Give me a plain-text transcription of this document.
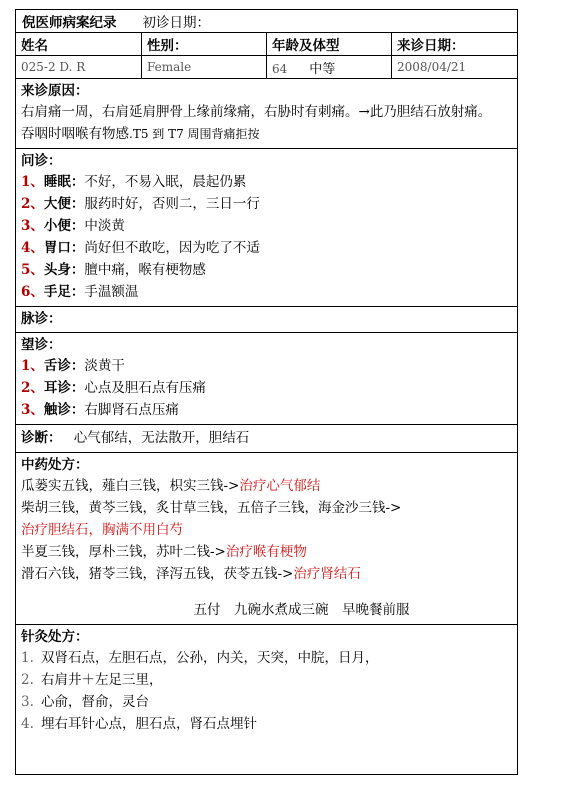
倪医师病案纪录 初诊日期：
姓名	性别：	年龄及体型	来诊日期：
025-2 D. R	Female	64 中等	2008/04/21
来诊原因：
右肩痛一周，右肩延肩胛骨上缘前缘痛，右胁时有刺痛。→此乃胆结石放射痛。
吞咽时咽喉有物感.T5 到 T7 周围背痛拒按
问诊：
1、睡眠：不好，不易入眠，晨起仍累
2、大便：服药时好，否则二，三日一行
3、小便：中淡黄
4、胃口：尚好但不敢吃，因为吃了不适
5、头身：膻中痛，喉有梗物感
6、手足：手温额温
脉诊：
望诊：
1、舌诊：淡黄干
2、耳诊：心点及胆石点有压痛
3、触诊：右脚肾石点压痛
诊断： 心气郁结，无法散开，胆结石
中药处方：
瓜蒌实五钱，薤白三钱，枳实三钱->治疗心气郁结
柴胡三钱，黄芩三钱，炙甘草三钱，五倍子三钱，海金沙三钱->
治疗胆结石，胸满不用白芍
半夏三钱，厚朴三钱，苏叶二钱->治疗喉有梗物
滑石六钱，猪苓三钱，泽泻五钱，茯苓五钱->治疗肾结石
五付　九碗水煮成三碗　早晚餐前服
针灸处方：
1. 双肾石点，左胆石点，公孙，内关，天突，中脘，日月，
2. 右肩井＋左足三里，
3. 心俞，督俞，灵台
4. 埋右耳针心点，胆石点，肾石点埋针
